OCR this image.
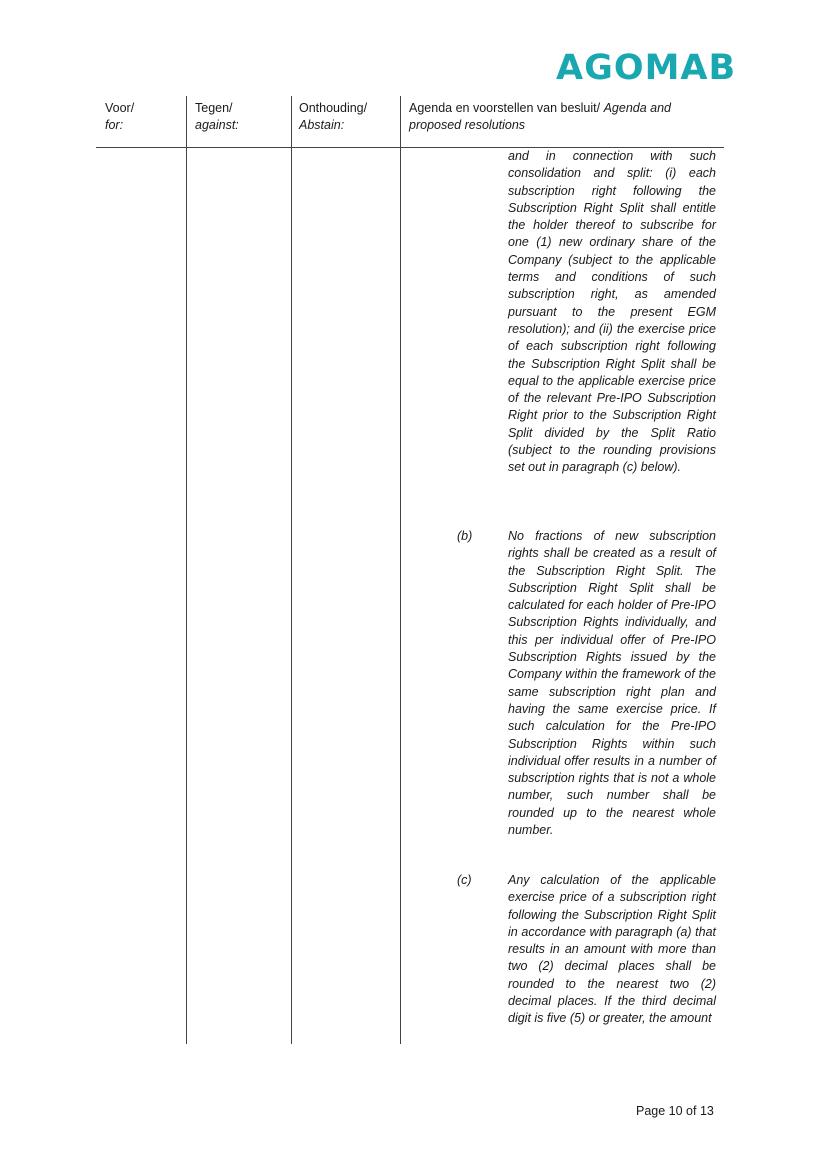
AGOMAB
Voor/
for:
Tegen/
against:
Onthouding/
Abstain:
Agenda en voorstellen van besluit/ Agenda and proposed resolutions
and in connection with such consolidation and split: (i) each subscription right following the Subscription Right Split shall entitle the holder thereof to subscribe for one (1) new ordinary share of the Company (subject to the applicable terms and conditions of such subscription right, as amended pursuant to the present EGM resolution); and (ii) the exercise price of each subscription right following the Subscription Right Split shall be equal to the applicable exercise price of the relevant Pre-IPO Subscription Right prior to the Subscription Right Split divided by the Split Ratio (subject to the rounding provisions set out in paragraph (c) below).
(b)	No fractions of new subscription rights shall be created as a result of the Subscription Right Split. The Subscription Right Split shall be calculated for each holder of Pre-IPO Subscription Rights individually, and this per individual offer of Pre-IPO Subscription Rights issued by the Company within the framework of the same subscription right plan and having the same exercise price. If such calculation for the Pre-IPO Subscription Rights within such individual offer results in a number of subscription rights that is not a whole number, such number shall be rounded up to the nearest whole number.
(c)	Any calculation of the applicable exercise price of a subscription right following the Subscription Right Split in accordance with paragraph (a) that results in an amount with more than two (2) decimal places shall be rounded to the nearest two (2) decimal places. If the third decimal digit is five (5) or greater, the amount
Page 10 of 13
